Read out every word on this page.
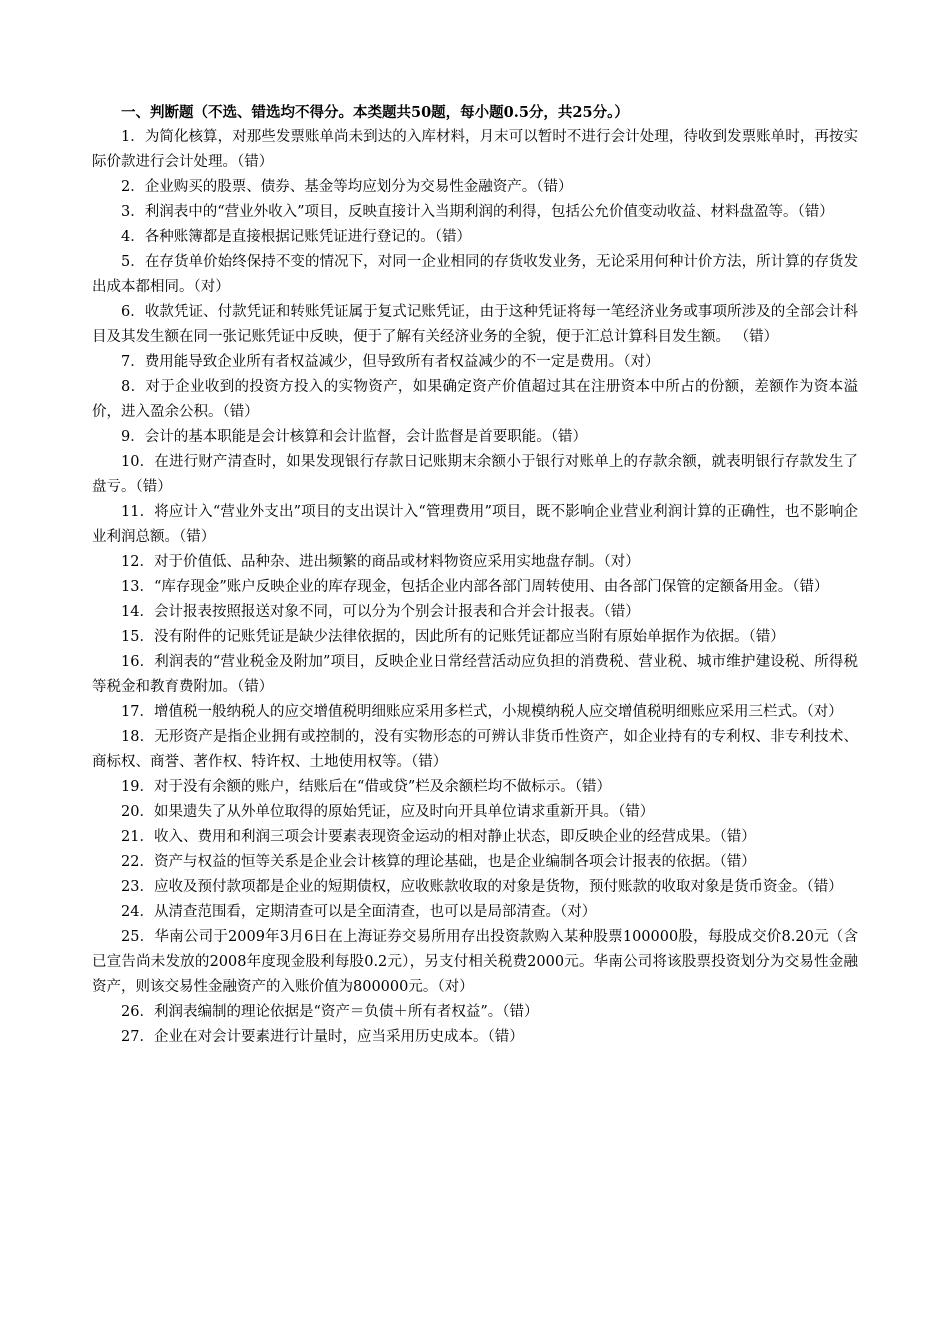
一、判断题（不选、错选均不得分。本类题共50题，每小题0.5分，共25分。）

1．为简化核算，对那些发票账单尚未到达的入库材料，月末可以暂时不进行会计处理，待收到发票账单时，再按实际价款进行会计处理。（错）

2．企业购买的股票、债券、基金等均应划分为交易性金融资产。（错）

3．利润表中的“营业外收入”项目，反映直接计入当期利润的利得，包括公允价值变动收益、材料盘盈等。（错）

4．各种账簿都是直接根据记账凭证进行登记的。（错）

5．在存货单价始终保持不变的情况下，对同一企业相同的存货收发业务，无论采用何种计价方法，所计算的存货发出成本都相同。（对）

6．收款凭证、付款凭证和转账凭证属于复式记账凭证，由于这种凭证将每一笔经济业务或事项所涉及的全部会计科目及其发生额在同一张记账凭证中反映，便于了解有关经济业务的全貌，便于汇总计算科目发生额。 （错）

7．费用能导致企业所有者权益减少，但导致所有者权益减少的不一定是费用。（对）

8．对于企业收到的投资方投入的实物资产，如果确定资产价值超过其在注册资本中所占的份额，差额作为资本溢价，进入盈余公积。（错）

9．会计的基本职能是会计核算和会计监督，会计监督是首要职能。（错）

10．在进行财产清查时，如果发现银行存款日记账期末余额小于银行对账单上的存款余额，就表明银行存款发生了盘亏。（错）

11．将应计入“营业外支出”项目的支出误计入“管理费用”项目，既不影响企业营业利润计算的正确性，也不影响企业利润总额。（错）

12．对于价值低、品种杂、进出频繁的商品或材料物资应采用实地盘存制。（对）

13．“库存现金”账户反映企业的库存现金，包括企业内部各部门周转使用、由各部门保管的定额备用金。（错）

14．会计报表按照报送对象不同，可以分为个别会计报表和合并会计报表。（错）

15．没有附件的记账凭证是缺少法律依据的，因此所有的记账凭证都应当附有原始单据作为依据。（错）

16．利润表的“营业税金及附加”项目，反映企业日常经营活动应负担的消费税、营业税、城市维护建设税、所得税等税金和教育费附加。（错）

17．增值税一般纳税人的应交增值税明细账应采用多栏式，小规模纳税人应交增值税明细账应采用三栏式。（对）

18．无形资产是指企业拥有或控制的，没有实物形态的可辨认非货币性资产，如企业持有的专利权、非专利技术、商标权、商誉、著作权、特许权、土地使用权等。（错）

19．对于没有余额的账户，结账后在“借或贷”栏及余额栏均不做标示。（错）

20．如果遗失了从外单位取得的原始凭证，应及时向开具单位请求重新开具。（错）

21．收入、费用和利润三项会计要素表现资金运动的相对静止状态，即反映企业的经营成果。（错）

22．资产与权益的恒等关系是企业会计核算的理论基础，也是企业编制各项会计报表的依据。（错）

23．应收及预付款项都是企业的短期债权，应收账款收取的对象是货物，预付账款的收取对象是货币资金。（错）

24．从清查范围看，定期清查可以是全面清查，也可以是局部清查。（对）

25．华南公司于2009年3月6日在上海证券交易所用存出投资款购入某种股票100000股，每股成交价8.20元（含已宣告尚未发放的2008年度现金股利每股0.2元），另支付相关税费2000元。华南公司将该股票投资划分为交易性金融资产，则该交易性金融资产的入账价值为800000元。（对）

26．利润表编制的理论依据是“资产＝负债＋所有者权益”。（错）

27．企业在对会计要素进行计量时，应当采用历史成本。（错）
